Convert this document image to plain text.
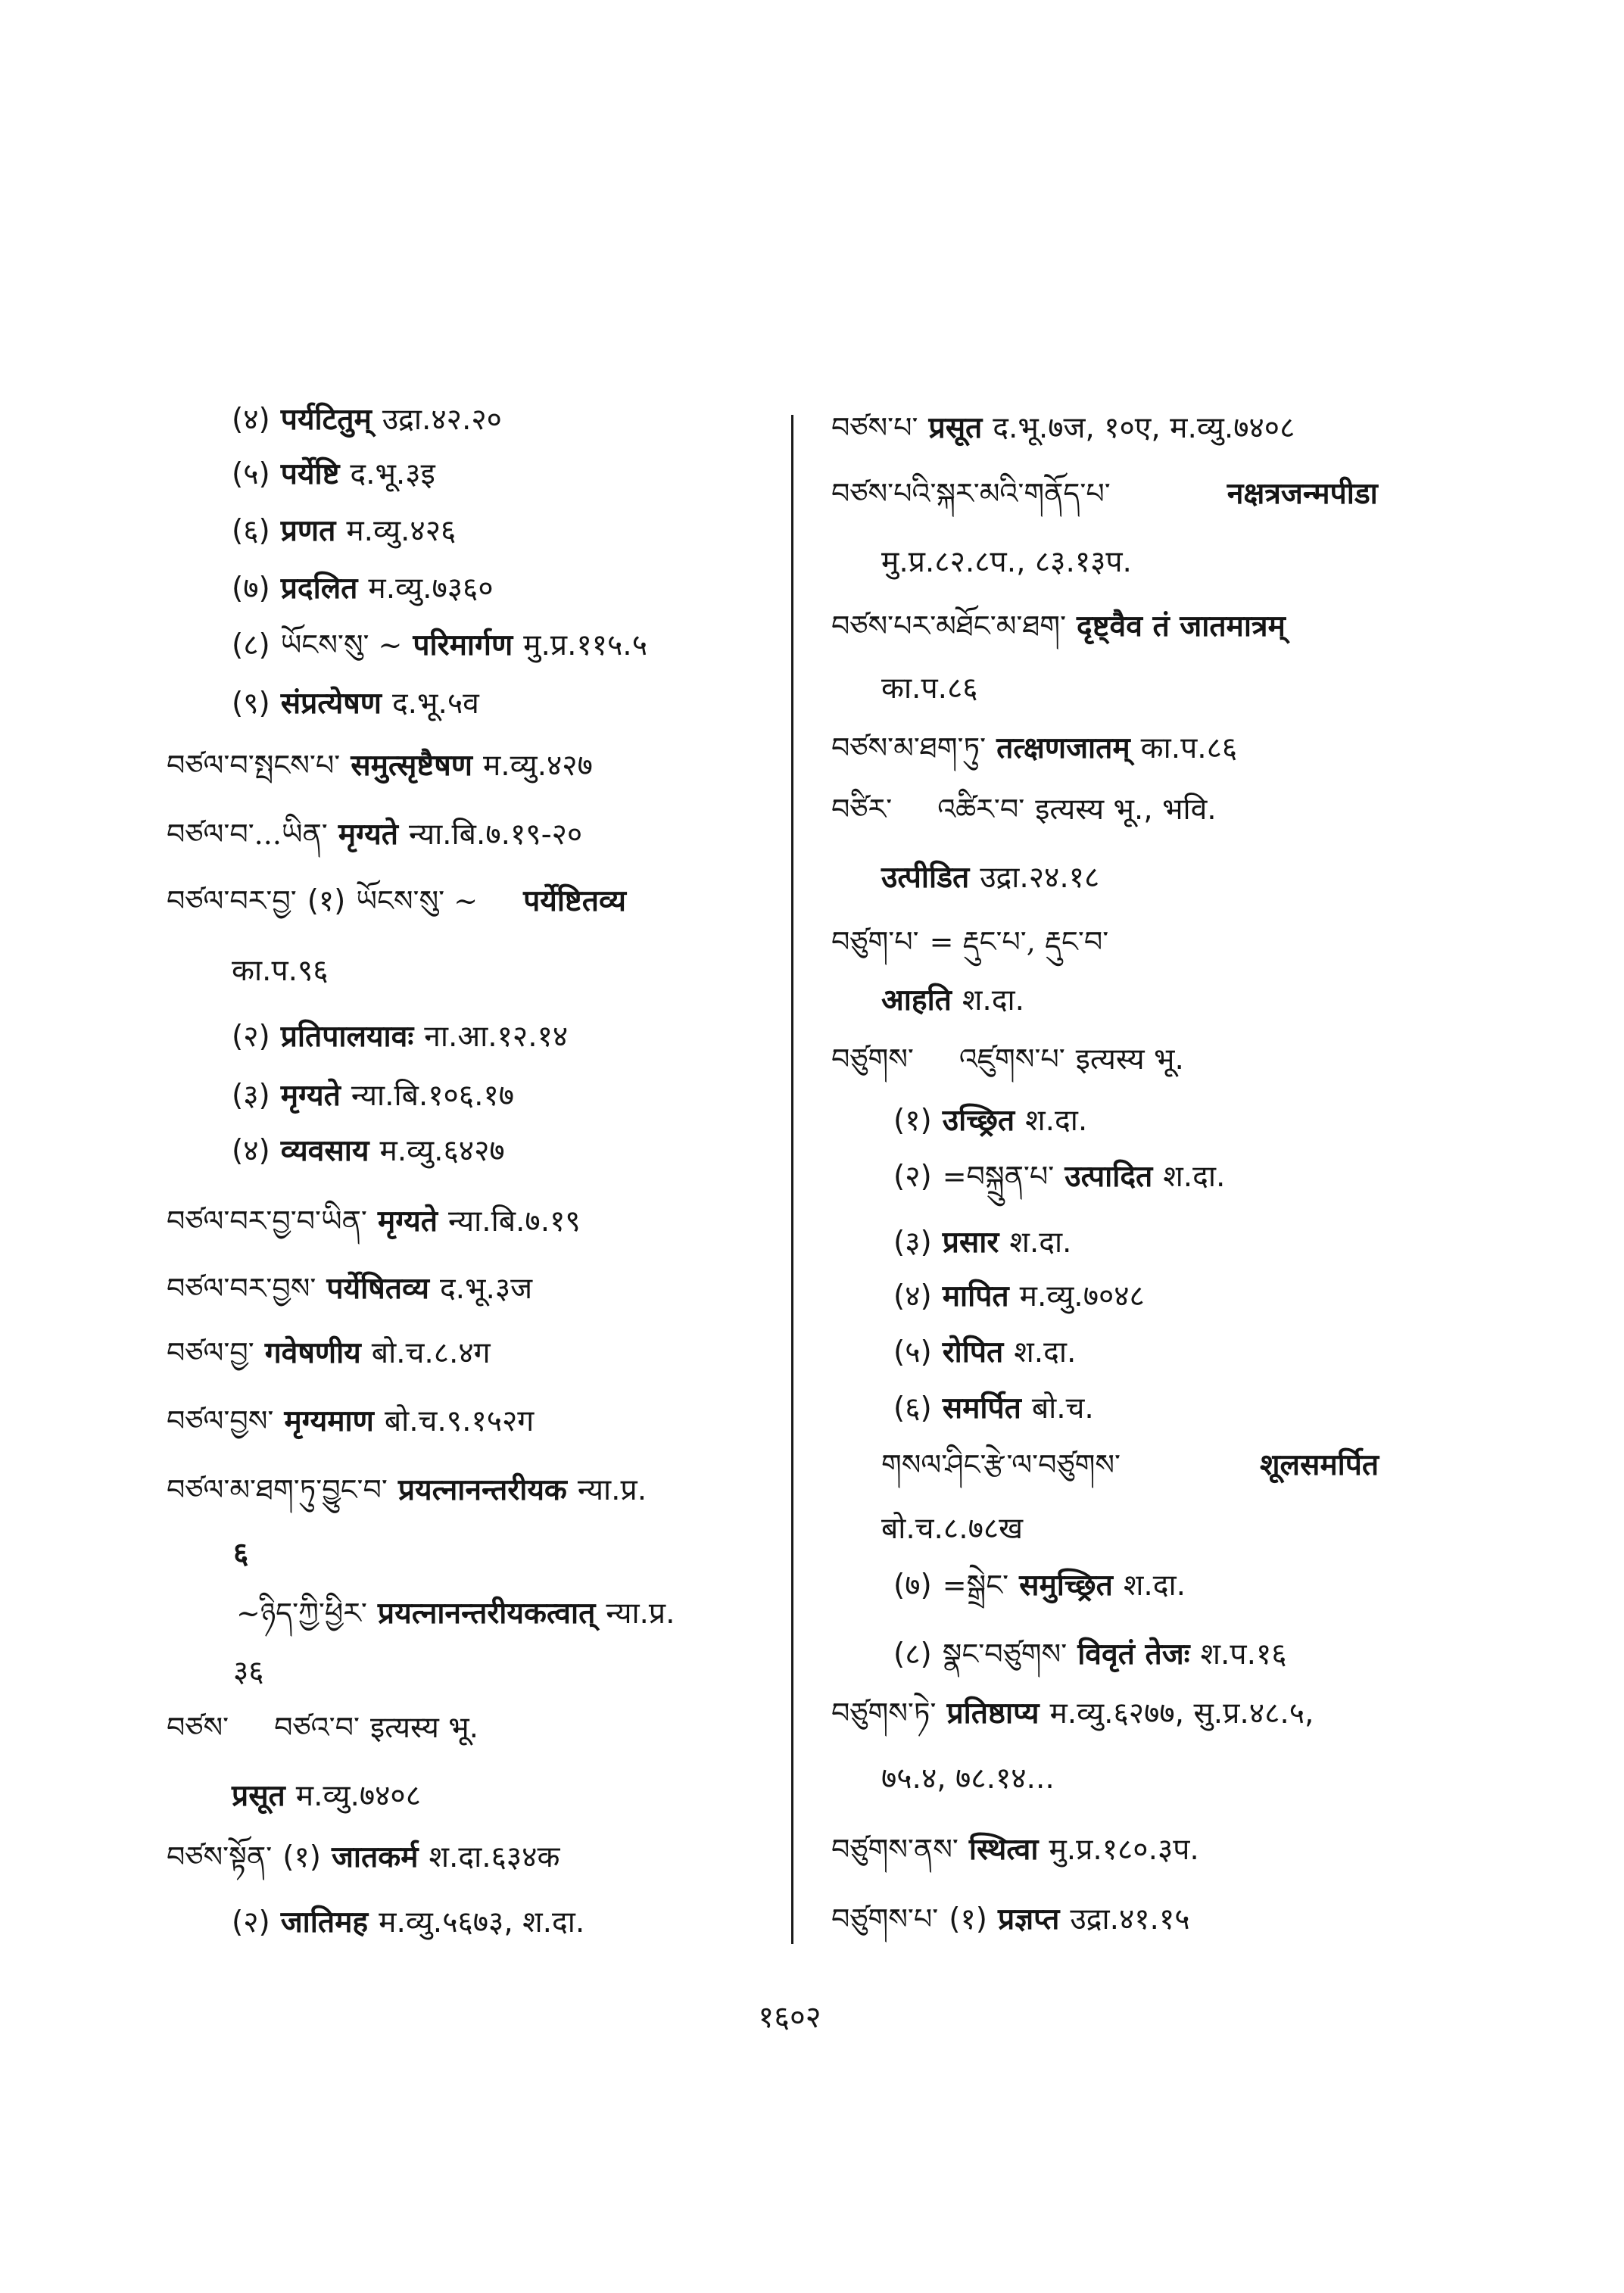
(४) पर्यटितुम् उद्रा.४२.२०
(५) पर्येष्टि द.भू.३इ
(६) प्रणत म.व्यु.४२६
(७) प्रदलित म.व्यु.७३६०
(८) ཡོངས་སུ་ ~ परिमार्गण मु.प्र.११५.५
(९) संप्रत्येषण द.भू.५व
བཙལ་བ་སྤངས་པ་ समुत्सृष्टैषण म.व्यु.४२७
བཙལ་བ་...ཡིན་ मृग्यते न्या.बि.७.१९-२०
བཙལ་བར་བྱ་ (१) ཡོངས་སུ་ ~ पर्येष्टितव्य
का.प.९६
(२) प्रतिपालयावः ना.आ.१२.१४
(३) मृग्यते न्या.बि.१०६.१७
(४) व्यवसाय म.व्यु.६४२७
བཙལ་བར་བྱ་བ་ཡིན་ मृग्यते न्या.बि.७.१९
བཙལ་བར་བྱས་ पर्येषितव्य द.भू.३ज
བཙལ་བྱ་ गवेषणीय बो.च.८.४ग
བཙལ་བྱས་ मृग्यमाण बो.च.९.१५२ग
བཙལ་མ་ཐག་ཏུ་བྱུང་བ་ प्रयत्नानन्तरीयक न्या.प्र.
६
~ཉིད་ཀྱི་ཕྱིར་ प्रयत्नानन्तरीयकत्वात् न्या.प्र.
३६
བཙས་ བཙའ་བ་ इत्यस्य भू.
प्रसूत म.व्यु.७४०८
བཙས་སྟོན་ (१) जातकर्म श.दा.६३४क
(२) जातिमह म.व्यु.५६७३, श.दा.
བཙས་པ་ प्रसूत द.भू.७ज, १०ए, म.व्यु.७४०८
བཙས་པའི་སྐར་མའི་གནོད་པ་	नक्षत्रजन्मपीडा
मु.प्र.८२.८प., ८३.१३प.
བཙས་པར་མཐོང་མ་ཐག་ दृष्ट्वैव तं जातमात्रम्
का.प.८६
བཙས་མ་ཐག་ཏུ་ तत्क्षणजातम् का.प.८६
བཙིར་ འཚིར་བ་ इत्यस्य भू., भवि.
उत्पीडित उद्रा.२४.१८
བཙུག་པ་ = རྡུང་པ་, རྡུང་བ་
आहति श.दा.
བཙུགས་ འཛུགས་པ་ इत्यस्य भू.
(१) उच्छ्रित श.दा.
(२) =བསྐྲུན་པ་ उत्पादित श.दा.
(३) प्रसार श.दा.
(४) मापित म.व्यु.७०४८
(५) रोपित श.दा.
(६) समर्पित बो.च.
གསལ་ཤིང་རྩེ་ལ་བཙུགས་	शूलसमर्पित
बो.च.८.७८ख
(७) =སྒྲེང་ समुच्छ्रित श.दा.
(८) སྣང་བཙུགས་ विवृतं तेजः श.प.१६
བཙུགས་ཏེ་ प्रतिष्ठाप्य म.व्यु.६२७७, सु.प्र.४८.५,
७५.४, ७८.१४...
བཙུགས་ནས་ स्थित्वा मु.प्र.१८०.३प.
བཙུགས་པ་ (१) प्रज्ञप्त उद्रा.४१.१५
१६०२
